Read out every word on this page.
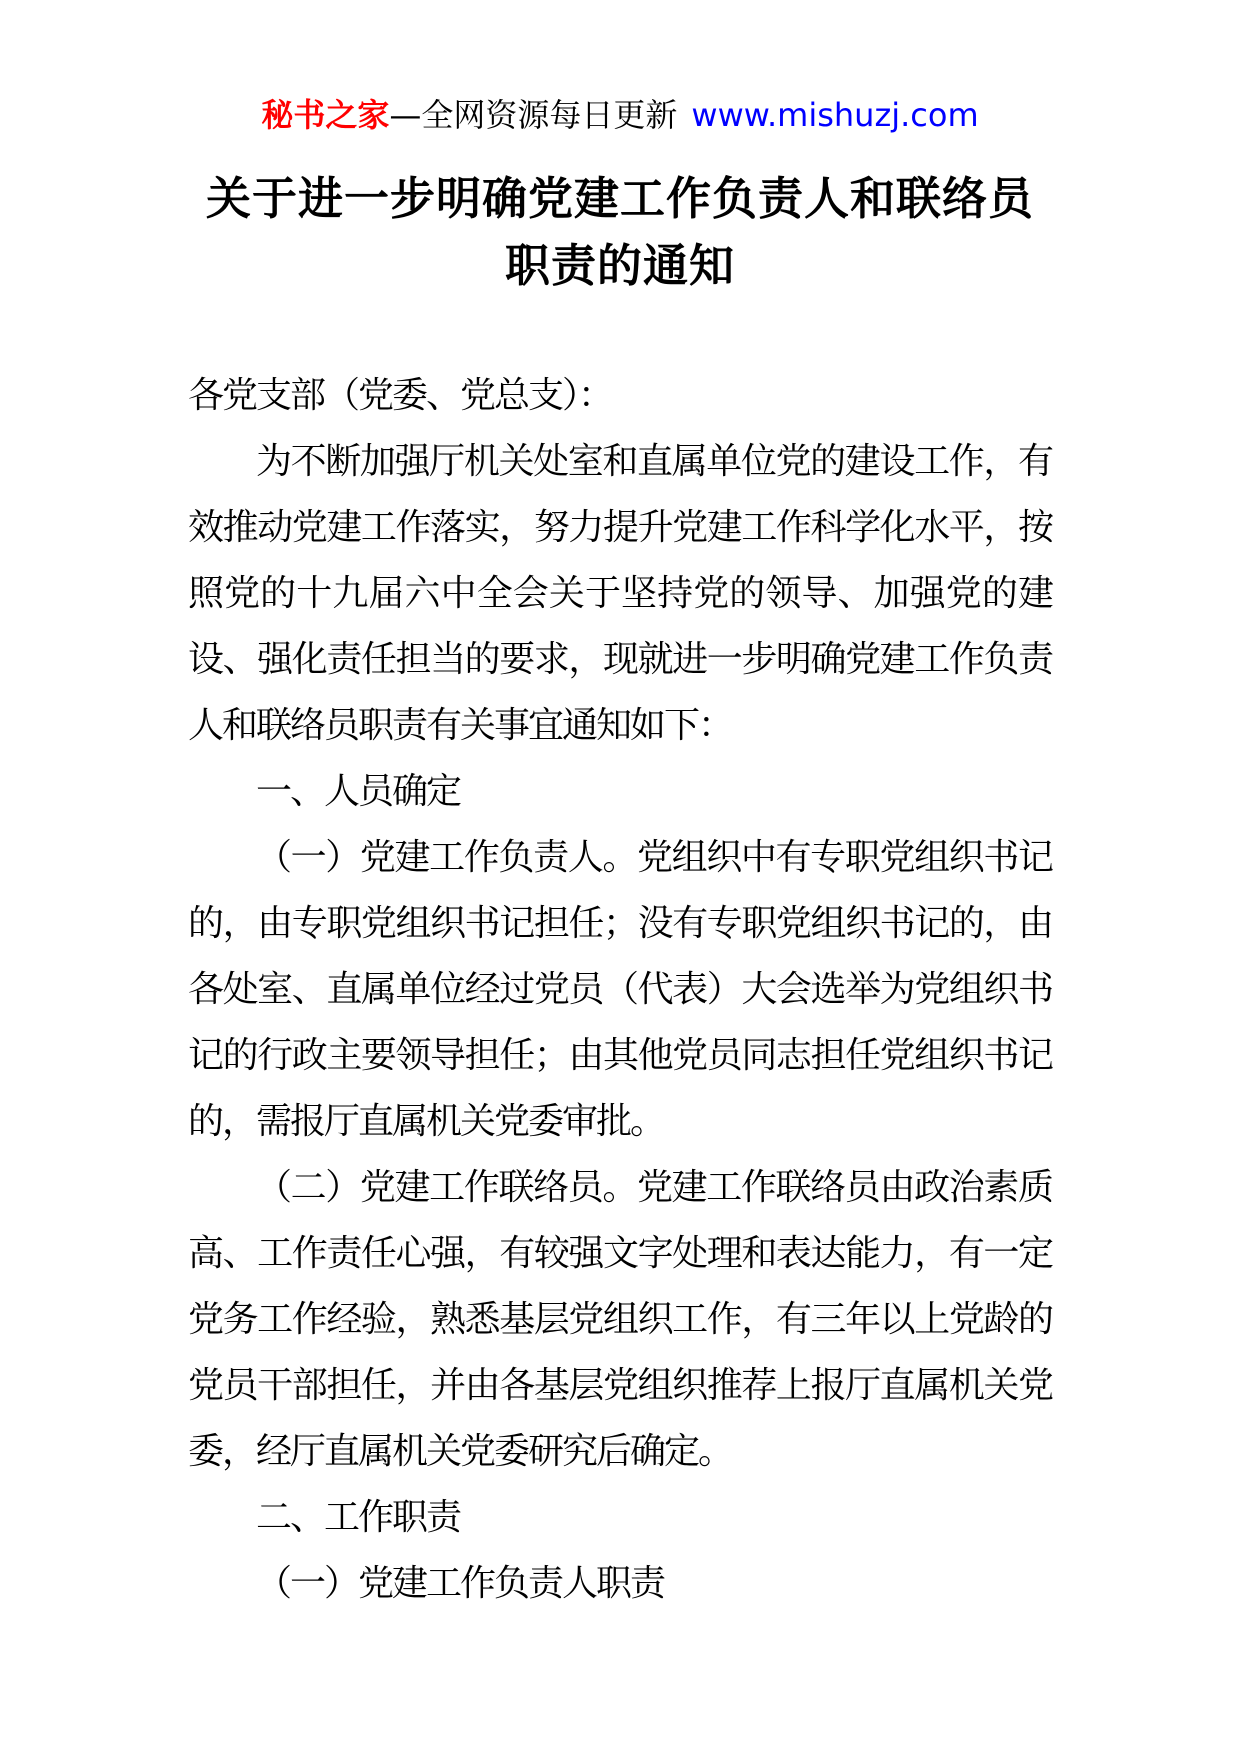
秘书之家—全网资源每日更新 www.mishuzj.com
关于进一步明确党建工作负责人和联络员
职责的通知
各党支部（党委、党总支）：
为不断加强厅机关处室和直属单位党的建设工作，有
效推动党建工作落实，努力提升党建工作科学化水平，按
照党的十九届六中全会关于坚持党的领导、加强党的建
设、强化责任担当的要求，现就进一步明确党建工作负责
人和联络员职责有关事宜通知如下：
一、人员确定
（一）党建工作负责人。党组织中有专职党组织书记
的，由专职党组织书记担任；没有专职党组织书记的，由
各处室、直属单位经过党员（代表）大会选举为党组织书
记的行政主要领导担任；由其他党员同志担任党组织书记
的，需报厅直属机关党委审批。
（二）党建工作联络员。党建工作联络员由政治素质
高、工作责任心强，有较强文字处理和表达能力，有一定
党务工作经验，熟悉基层党组织工作，有三年以上党龄的
党员干部担任，并由各基层党组织推荐上报厅直属机关党
委，经厅直属机关党委研究后确定。
二、工作职责
（一）党建工作负责人职责
